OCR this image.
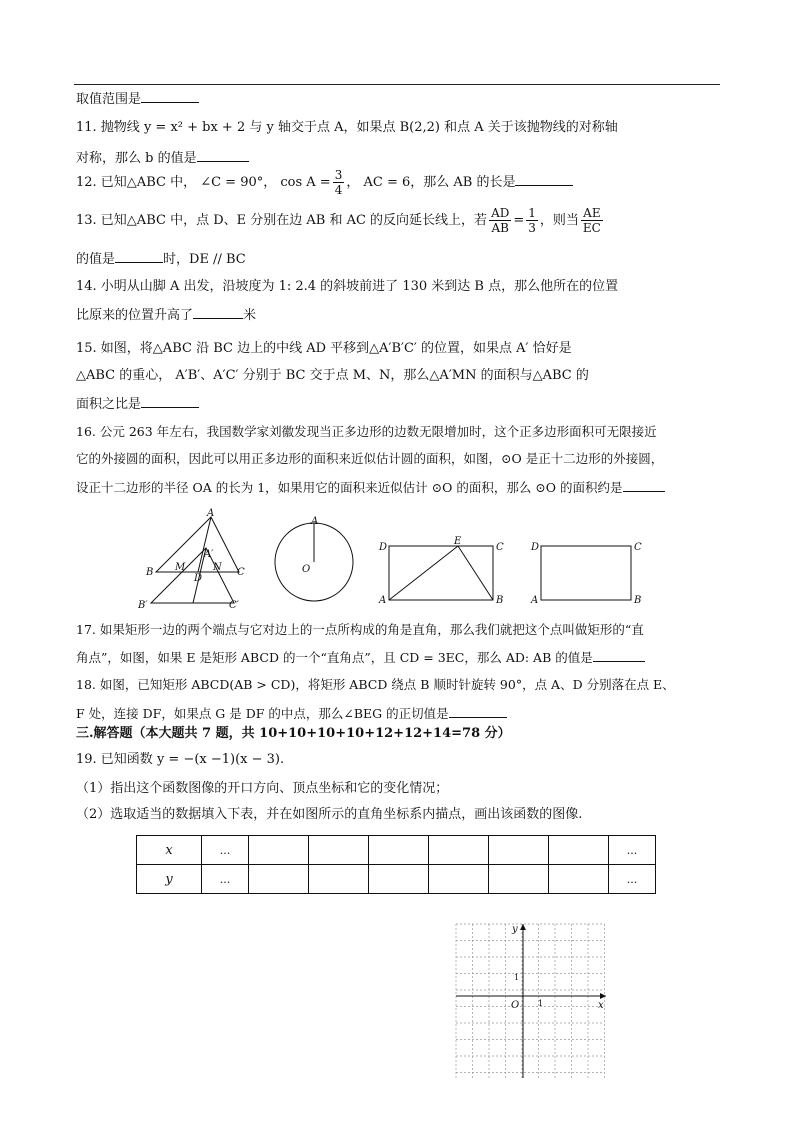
取值范围是
11. 抛物线 y = x² + bx + 2 与 y 轴交于点 A，如果点 B(2,2) 和点 A 关于该抛物线的对称轴
对称，那么 b 的值是
12. 已知△ABC 中， ∠C = 90°， $\cos A = \frac{3}{4}$ ， AC = 6，那么 AB 的长是
13. 已知△ABC 中，点 D、E 分别在边 AB 和 AC 的反向延长线上，若 $\frac{AD}{AB} = \frac{1}{3}$ ，则当 $\frac{AE}{EC}$
的值是	时，DE // BC
14. 小明从山脚 A 出发，沿坡度为 1: 2.4 的斜坡前进了 130 米到达 B 点，那么他所在的位置
比原来的位置升高了	米
15. 如图，将△ABC 沿 BC 边上的中线 AD 平移到△A′B′C′ 的位置，如果点 A′ 恰好是
△ABC 的重心， A′B′、A′C′ 分别于 BC 交于点 M、N，那么△A′MN 的面积与△ABC 的
面积之比是
16. 公元 263 年左右，我国数学家刘徽发现当正多边形的边数无限增加时，这个正多边形面积可无限接近
它的外接圆的面积，因此可以用正多边形的面积来近似估计圆的面积，如图，⊙O 是正十二边形的外接圆，
设正十二边形的半径 OA 的长为 1，如果用它的面积来近似估计 ⊙O 的面积，那么 ⊙O 的面积约是
A
B	C
M
D
N
A′
B′	C′
A
O
D
E
C
A	B
D	C
A	B
17. 如果矩形一边的两个端点与它对边上的一点所构成的角是直角，那么我们就把这个点叫做矩形的“直
角点”，如图，如果 E 是矩形 ABCD 的一个“直角点”，且 CD = 3EC，那么 AD: AB 的值是
18. 如图，已知矩形 ABCD(AB > CD)，将矩形 ABCD 绕点 B 顺时针旋转 90°，点 A、D 分别落在点 E、
F 处，连接 DF，如果点 G 是 DF 的中点，那么∠BEG 的正切值是
三.解答题（本大题共 7 题，共 10+10+10+10+12+12+14=78 分）
19. 已知函数 y = −(x −1)(x − 3).
（1）指出这个函数图像的开口方向、顶点坐标和它的变化情况；
（2）选取适当的数据填入下表，并在如图所示的直角坐标系内描点，画出该函数的图像.
x	...							...
y	...							...
y
x
O 1
1
